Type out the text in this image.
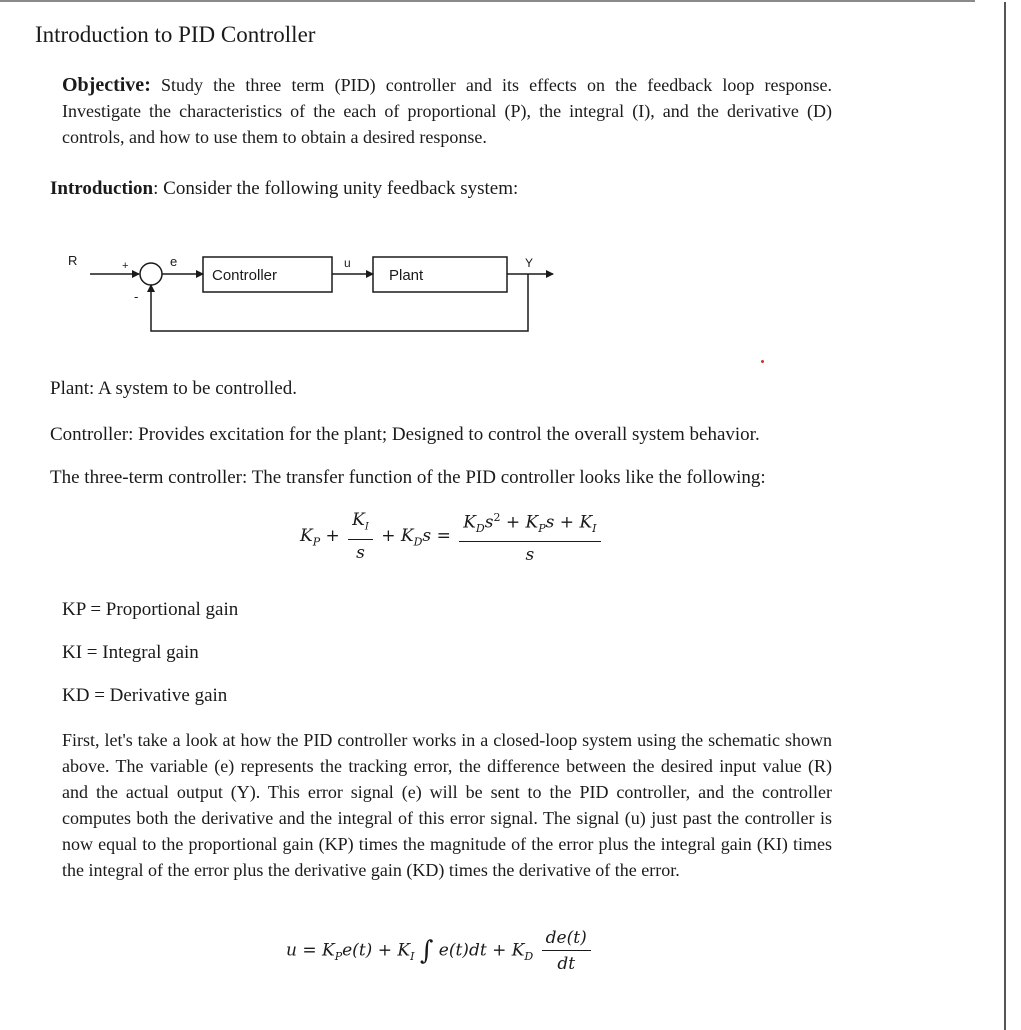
Introduction to PID Controller
Objective: Study the three term (PID) controller and its effects on the feedback loop response. Investigate the characteristics of the each of proportional (P), the integral (I), and the derivative (D) controls, and how to use them to obtain a desired response.
Introduction: Consider the following unity feedback system:
R	+
-
e
Controller
u
Plant
Y
Plant: A system to be controlled.
Controller: Provides excitation for the plant; Designed to control the overall system behavior.
The three-term controller: The transfer function of the PID controller looks like the following:
$K_P + \frac{K_I}{s} + K_Ds = \frac{K_Ds^2 + K_Ps + K_I}{s}$
KP = Proportional gain
KI = Integral gain
KD = Derivative gain
First, let's take a look at how the PID controller works in a closed-loop system using the schematic shown above. The variable (e) represents the tracking error, the difference between the desired input value (R) and the actual output (Y). This error signal (e) will be sent to the PID controller, and the controller computes both the derivative and the integral of this error signal. The signal (u) just past the controller is now equal to the proportional gain (KP) times the magnitude of the error plus the integral gain (KI) times the integral of the error plus the derivative gain (KD) times the derivative of the error.
$u = K_Pe(t) + K_I$ ∫ $e(t)dt + K_D \frac{de(t)}{dt}$
